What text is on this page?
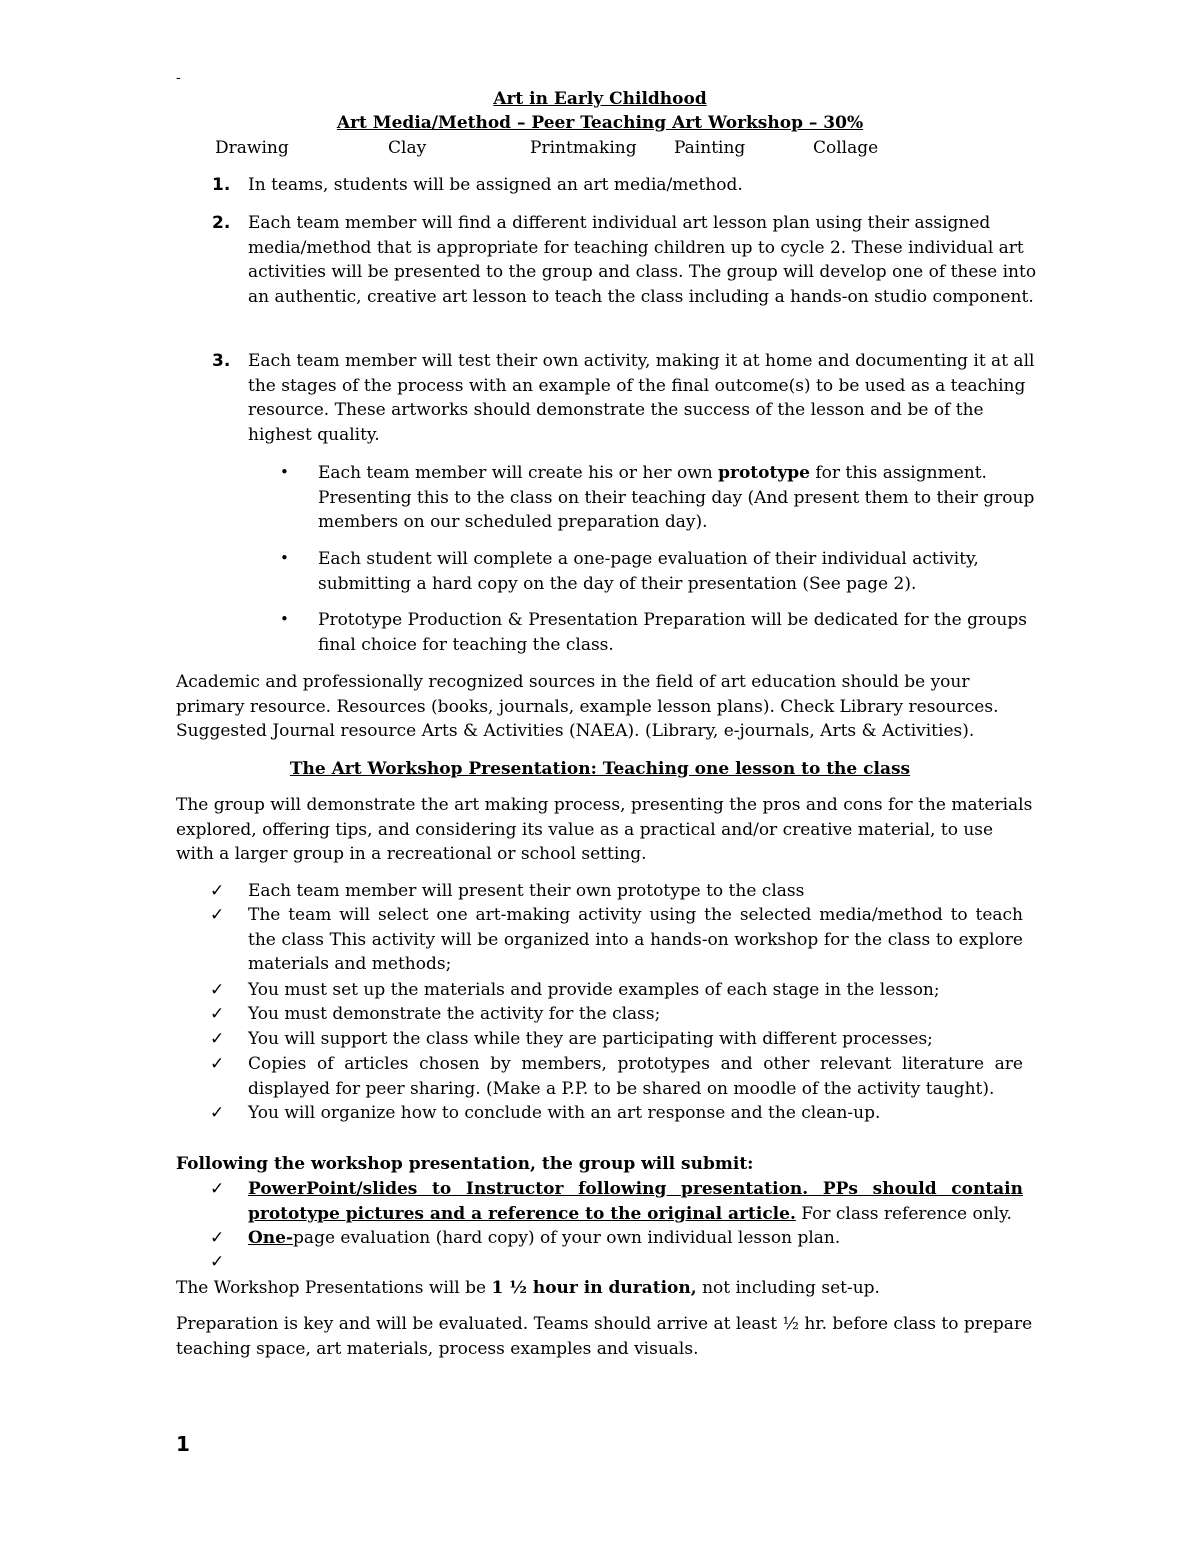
-
Art in Early Childhood
Art Media/Method – Peer Teaching Art Workshop – 30%
Drawing	Clay	Printmaking Painting	Collage
1. In teams, students will be assigned an art media/method.
2. Each team member will find a different individual art lesson plan using their assigned media/method that is appropriate for teaching children up to cycle 2. These individual art activities will be presented to the group and class. The group will develop one of these into an authentic, creative art lesson to teach the class including a hands-on studio component.
3. Each team member will test their own activity, making it at home and documenting it at all the stages of the process with an example of the final outcome(s) to be used as a teaching resource. These artworks should demonstrate the success of the lesson and be of the highest quality.
• Each team member will create his or her own prototype for this assignment. Presenting this to the class on their teaching day (And present them to their group members on our scheduled preparation day).
• Each student will complete a one-page evaluation of their individual activity, submitting a hard copy on the day of their presentation (See page 2).
• Prototype Production & Presentation Preparation will be dedicated for the groups final choice for teaching the class.
Academic and professionally recognized sources in the field of art education should be your primary resource. Resources (books, journals, example lesson plans). Check Library resources. Suggested Journal resource Arts & Activities (NAEA). (Library, e-journals, Arts & Activities).
The Art Workshop Presentation: Teaching one lesson to the class
The group will demonstrate the art making process, presenting the pros and cons for the materials explored, offering tips, and considering its value as a practical and/or creative material, to use with a larger group in a recreational or school setting.
✓ Each team member will present their own prototype to the class
✓ The team will select one art-making activity using the selected media/method to teach the class This activity will be organized into a hands-on workshop for the class to explore materials and methods;
✓ You must set up the materials and provide examples of each stage in the lesson;
✓ You must demonstrate the activity for the class;
✓ You will support the class while they are participating with different processes;
✓ Copies of articles chosen by members, prototypes and other relevant literature are displayed for peer sharing. (Make a P.P. to be shared on moodle of the activity taught).
✓ You will organize how to conclude with an art response and the clean-up.
Following the workshop presentation, the group will submit:
✓ PowerPoint/slides to Instructor following presentation. PPs should contain prototype pictures and a reference to the original article. For class reference only.
✓ One-page evaluation (hard copy) of your own individual lesson plan.
✓
The Workshop Presentations will be 1 ½ hour in duration, not including set-up.
Preparation is key and will be evaluated. Teams should arrive at least ½ hr. before class to prepare teaching space, art materials, process examples and visuals.
1
